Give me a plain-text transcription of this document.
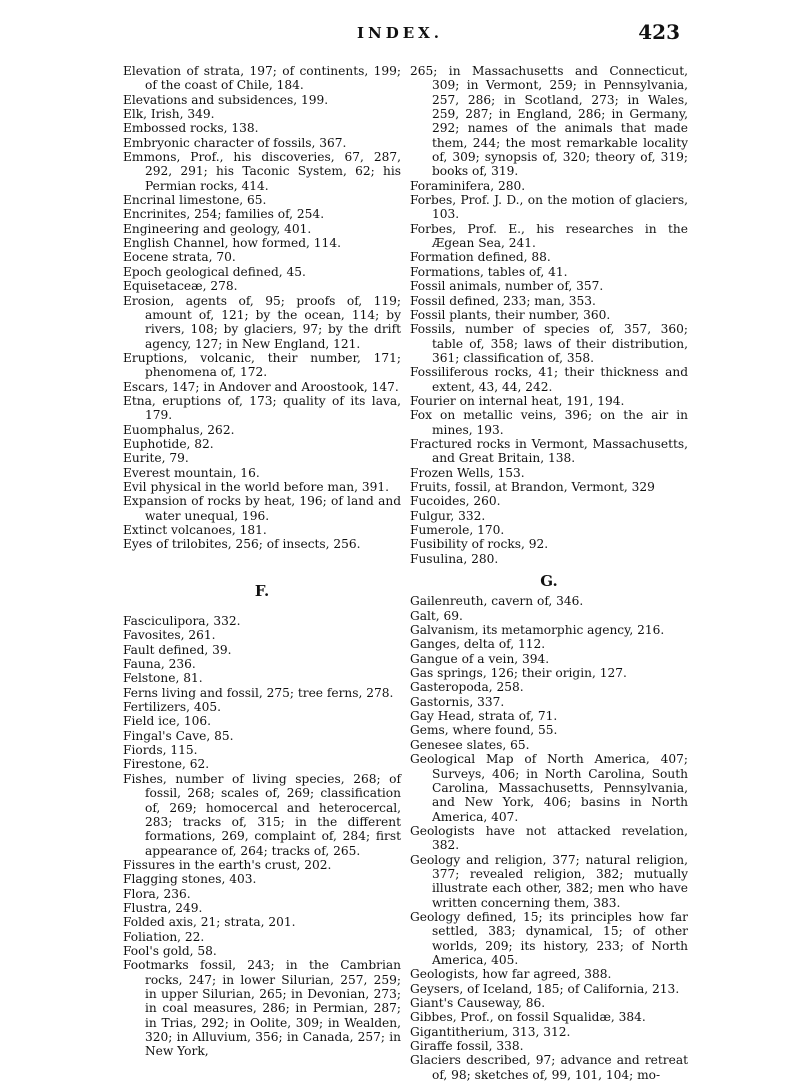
INDEX.	423
Elevation of strata, 197; of continents, 199; of the coast of Chile, 184.
Elevations and subsidences, 199.
Elk, Irish, 349.
Embossed rocks, 138.
Embryonic character of fossils, 367.
Emmons, Prof., his discoveries, 67, 287, 292, 291; his Taconic System, 62; his Permian rocks, 414.
Encrinal limestone, 65.
Encrinites, 254; families of, 254.
Engineering and geology, 401.
English Channel, how formed, 114.
Eocene strata, 70.
Epoch geological defined, 45.
Equisetaceæ, 278.
Erosion, agents of, 95; proofs of, 119; amount of, 121; by the ocean, 114; by rivers, 108; by glaciers, 97; by the drift agency, 127; in New England, 121.
Eruptions, volcanic, their number, 171; phenomena of, 172.
Escars, 147; in Andover and Aroostook, 147.
Etna, eruptions of, 173; quality of its lava, 179.
Euomphalus, 262.
Euphotide, 82.
Eurite, 79.
Everest mountain, 16.
Evil physical in the world before man, 391.
Expansion of rocks by heat, 196; of land and water unequal, 196.
Extinct volcanoes, 181.
Eyes of trilobites, 256; of insects, 256.
F.
Fasciculipora, 332.
Favosites, 261.
Fault defined, 39.
Fauna, 236.
Felstone, 81.
Ferns living and fossil, 275; tree ferns, 278.
Fertilizers, 405.
Field ice, 106.
Fingal's Cave, 85.
Fiords, 115.
Firestone, 62.
Fishes, number of living species, 268; of fossil, 268; scales of, 269; classification of, 269; homocercal and heterocercal, 283; tracks of, 315; in the different formations, 269, complaint of, 284; first appearance of, 264; tracks of, 265.
Fissures in the earth's crust, 202.
Flagging stones, 403.
Flora, 236.
Flustra, 249.
Folded axis, 21; strata, 201.
Foliation, 22.
Fool's gold, 58.
Footmarks fossil, 243; in the Cambrian rocks, 247; in lower Silurian, 257, 259; in upper Silurian, 265; in Devonian, 273; in coal measures, 286; in Permian, 287; in Trias, 292; in Oolite, 309; in Wealden, 320; in Alluvium, 356; in Canada, 257; in New York,
265; in Massachusetts and Connecticut, 309; in Vermont, 259; in Pennsylvania, 257, 286; in Scotland, 273; in Wales, 259, 287; in England, 286; in Germany, 292; names of the animals that made them, 244; the most remarkable locality of, 309; synopsis of, 320; theory of, 319; books of, 319.
Foraminifera, 280.
Forbes, Prof. J. D., on the motion of glaciers, 103.
Forbes, Prof. E., his researches in the Ægean Sea, 241.
Formation defined, 88.
Formations, tables of, 41.
Fossil animals, number of, 357.
Fossil defined, 233; man, 353.
Fossil plants, their number, 360.
Fossils, number of species of, 357, 360; table of, 358; laws of their distribution, 361; classification of, 358.
Fossiliferous rocks, 41; their thickness and extent, 43, 44, 242.
Fourier on internal heat, 191, 194.
Fox on metallic veins, 396; on the air in mines, 193.
Fractured rocks in Vermont, Massachusetts, and Great Britain, 138.
Frozen Wells, 153.
Fruits, fossil, at Brandon, Vermont, 329
Fucoides, 260.
Fulgur, 332.
Fumerole, 170.
Fusibility of rocks, 92.
Fusulina, 280.
G.
Gailenreuth, cavern of, 346.
Galt, 69.
Galvanism, its metamorphic agency, 216.
Ganges, delta of, 112.
Gangue of a vein, 394.
Gas springs, 126; their origin, 127.
Gasteropoda, 258.
Gastornis, 337.
Gay Head, strata of, 71.
Gems, where found, 55.
Genesee slates, 65.
Geological Map of North America, 407; Surveys, 406; in North Carolina, South Carolina, Massachusetts, Pennsylvania, and New York, 406; basins in North America, 407.
Geologists have not attacked revelation, 382.
Geology and religion, 377; natural religion, 377; revealed religion, 382; mutually illustrate each other, 382; men who have written concerning them, 383.
Geology defined, 15; its principles how far settled, 383; dynamical, 15; of other worlds, 209; its history, 233; of North America, 405.
Geologists, how far agreed, 388.
Geysers, of Iceland, 185; of California, 213.
Giant's Causeway, 86.
Gibbes, Prof., on fossil Squalidæ, 384.
Gigantitherium, 313, 312.
Giraffe fossil, 338.
Glaciers described, 97; advance and retreat of, 98; sketches of, 99, 101, 104; mo-
